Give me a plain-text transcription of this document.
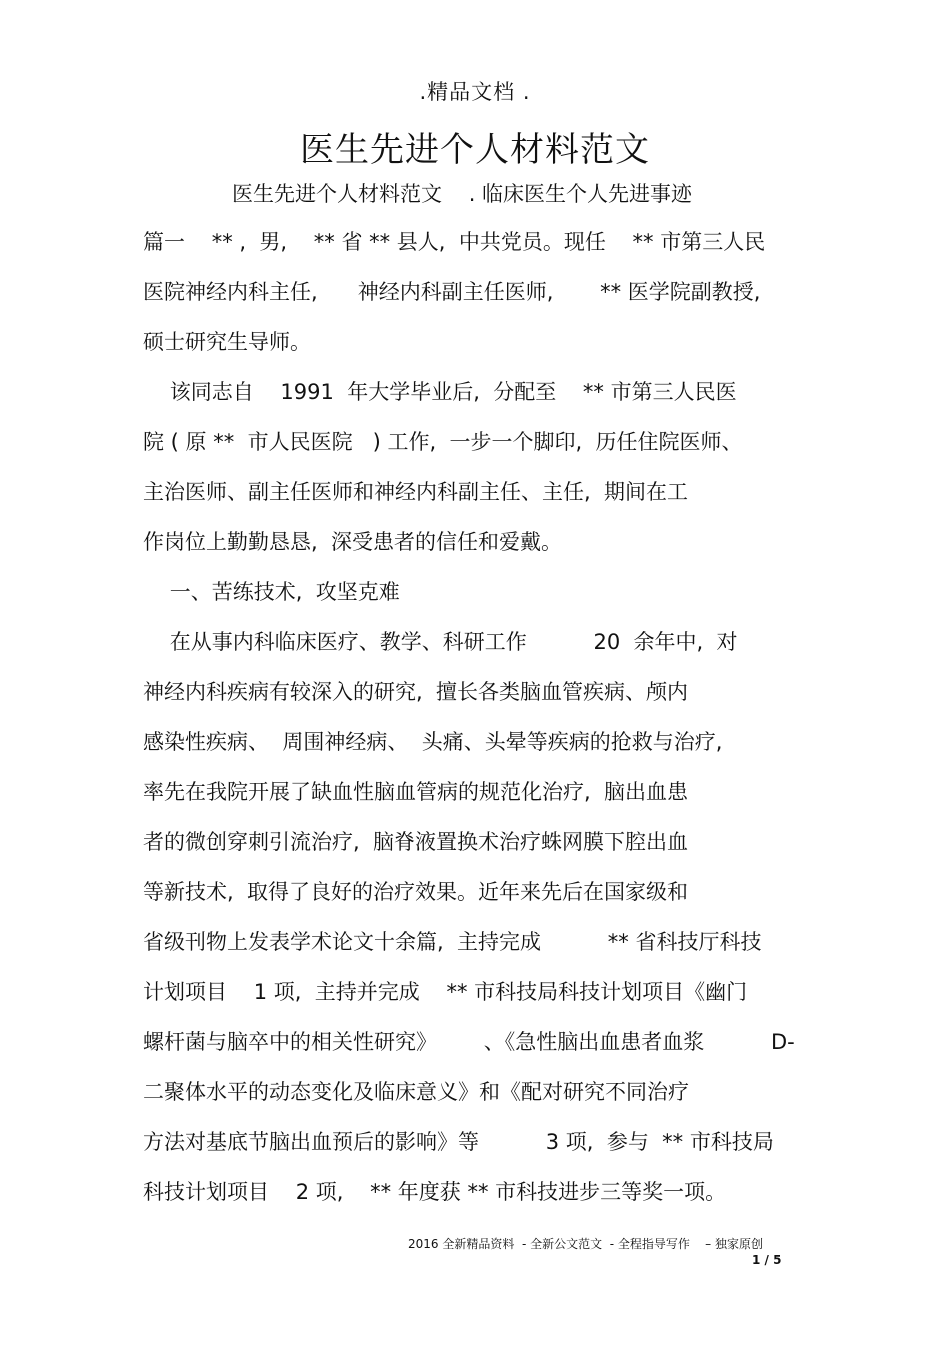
.精品文档 .
医生先进个人材料范文
医生先进个人材料范文    . 临床医生个人先进事迹
篇一    ** ,  男,    ** 省 ** 县人,  中共党员。现任    ** 市第三人民
医院神经内科主任,      神经内科副主任医师,       ** 医学院副教授,
硕士研究生导师。
该同志自    1991  年大学毕业后,  分配至    ** 市第三人民医
院 ( 原 **  市人民医院   ) 工作,  一步一个脚印,  历任住院医师、
主治医师、副主任医师和神经内科副主任、主任,  期间在工
作岗位上勤勤恳恳,  深受患者的信任和爱戴。
一、苦练技术,  攻坚克难
在从事内科临床医疗、教学、科研工作          20  余年中,  对
神经内科疾病有较深入的研究,  擅长各类脑血管疾病、颅内
感染性疾病、  周围神经病、  头痛、头晕等疾病的抢救与治疗,
率先在我院开展了缺血性脑血管病的规范化治疗,  脑出血患
者的微创穿刺引流治疗,  脑脊液置换术治疗蛛网膜下腔出血
等新技术,  取得了良好的治疗效果。近年来先后在国家级和
省级刊物上发表学术论文十余篇,  主持完成          ** 省科技厅科技
计划项目    1 项,  主持并完成    ** 市科技局科技计划项目《幽门
螺杆菌与脑卒中的相关性研究》       、《急性脑出血患者血浆          D-
二聚体水平的动态变化及临床意义》和《配对研究不同治疗
方法对基底节脑出血预后的影响》等          3 项,  参与  ** 市科技局
科技计划项目    2 项,    ** 年度获 ** 市科技进步三等奖一项。
2016 全新精品资料  - 全新公文范文  - 全程指导写作    – 独家原创
1 / 5
